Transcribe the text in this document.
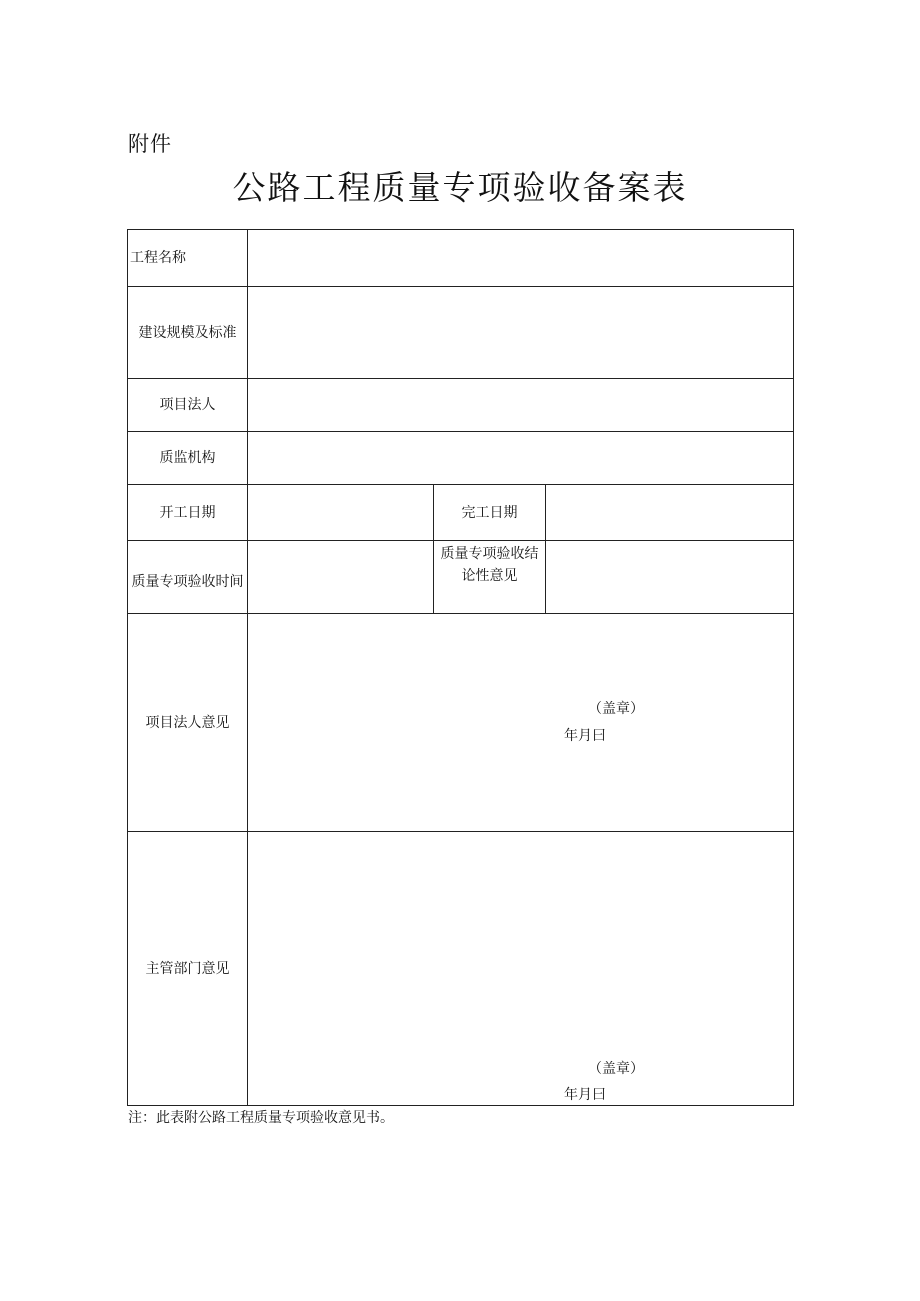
附件
公路工程质量专项验收备案表
工程名称			
建设规模及标准			
项目法人			
质监机构			
开工日期		完工日期	
质量专项验收时间		质量专项验收结论性意见	
项目法人意见	（盖章）
年月曰		

主管部门意见	（盖章）
年月曰		
注：此表附公路工程质量专项验收意见书。
